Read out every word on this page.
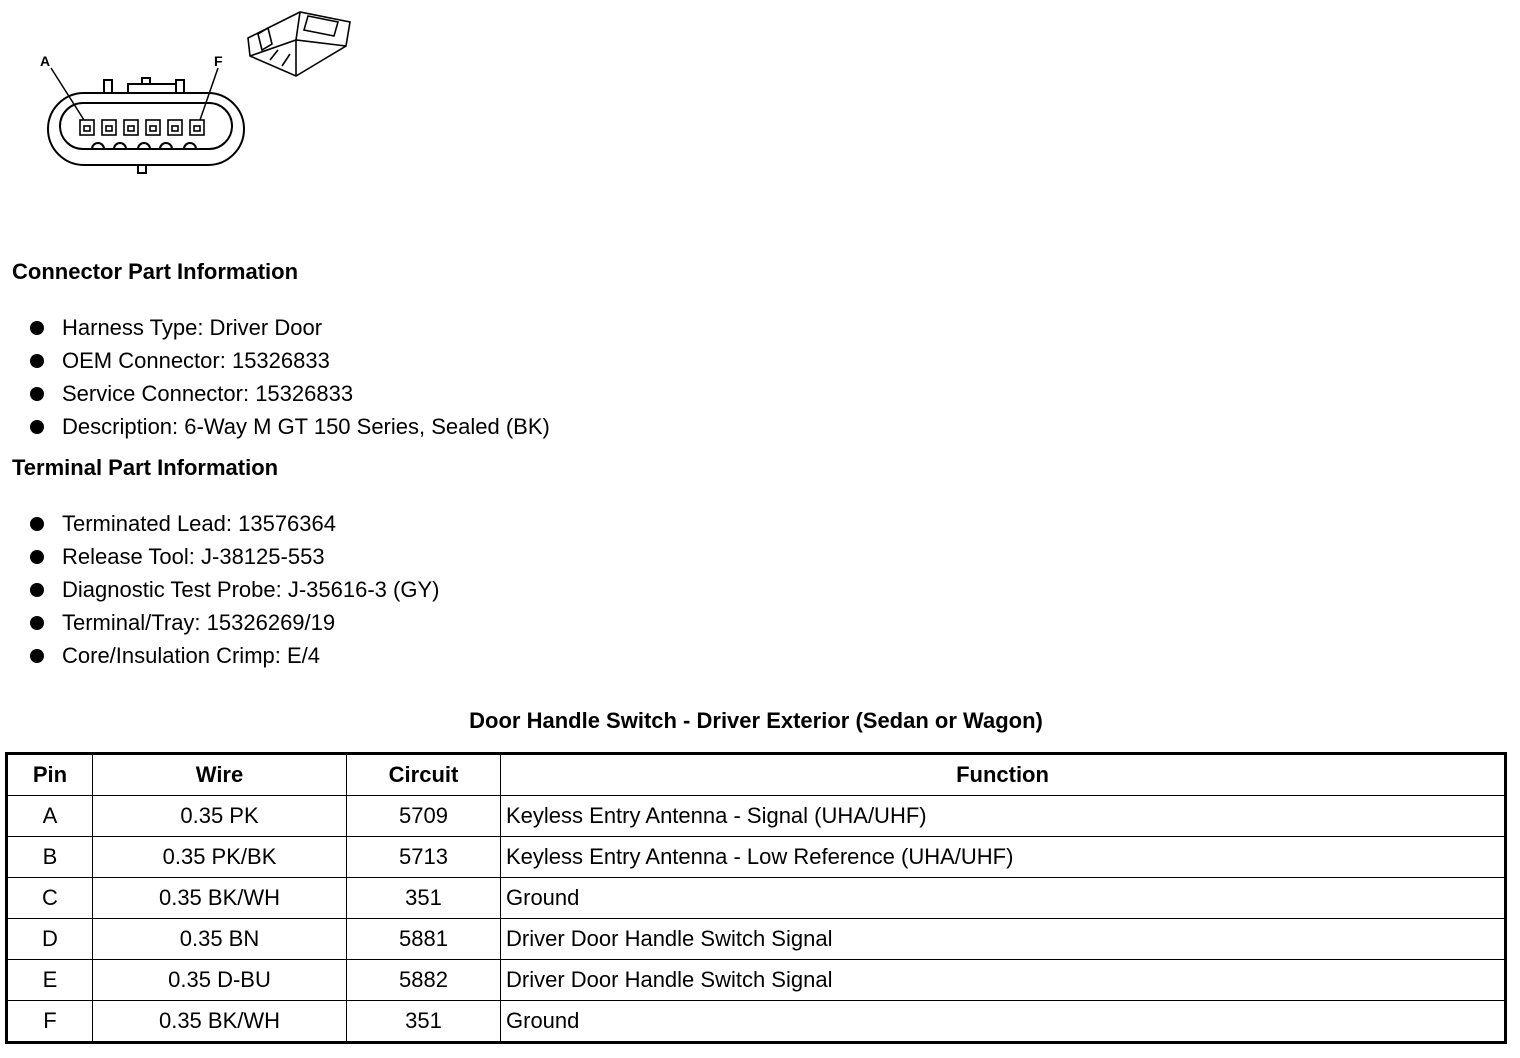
A	F
Connector Part Information
Harness Type: Driver Door
OEM Connector: 15326833
Service Connector: 15326833
Description: 6-Way M GT 150 Series, Sealed (BK)
Terminal Part Information
Terminated Lead: 13576364
Release Tool: J-38125-553
Diagnostic Test Probe: J-35616-3 (GY)
Terminal/Tray: 15326269/19
Core/Insulation Crimp: E/4
Door Handle Switch - Driver Exterior (Sedan or Wagon)
Pin	Wire	Circuit	Function
A	0.35 PK	5709	Keyless Entry Antenna - Signal (UHA/UHF)
B	0.35 PK/BK	5713	Keyless Entry Antenna - Low Reference (UHA/UHF)
C	0.35 BK/WH	351	Ground
D	0.35 BN	5881	Driver Door Handle Switch Signal
E	0.35 D-BU	5882	Driver Door Handle Switch Signal
F	0.35 BK/WH	351	Ground
